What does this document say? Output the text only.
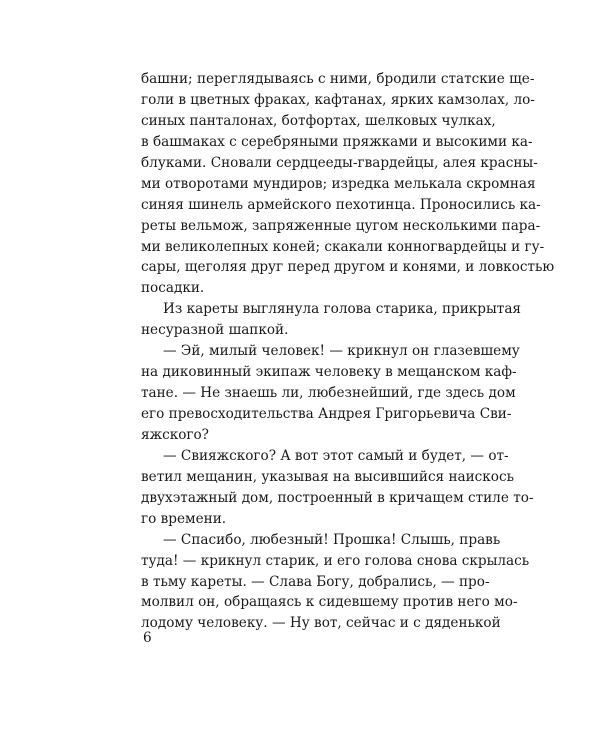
башни; переглядываясь с ними, бродили статские ще-
голи в цветных фраках, кафтанах, ярких камзолах, ло-
синых панталонах, ботфортах, шелковых чулках,
в башмаках с серебряными пряжками и высокими ка-
блуками. Сновали сердцееды-гвардейцы, алея красны-
ми отворотами мундиров; изредка мелькала скромная
синяя шинель армейского пехотинца. Проносились ка-
реты вельмож, запряженные цугом несколькими пара-
ми великолепных коней; скакали конногвардейцы и гу-
сары, щеголяя друг перед другом и конями, и ловкостью
посадки.
Из кареты выглянула голова старика, прикрытая
несуразной шапкой.
— Эй, милый человек! — крикнул он глазевшему
на диковинный экипаж человеку в мещанском каф-
тане. — Не знаешь ли, любезнейший, где здесь дом
его превосходительства Андрея Григорьевича Сви-
яжского?
— Свияжского? А вот этот самый и будет, — от-
ветил мещанин, указывая на высившийся наискось
двухэтажный дом, построенный в кричащем стиле то-
го времени.
— Спасибо, любезный! Прошка! Слышь, правь
туда! — крикнул старик, и его голова снова скрылась
в тьму кареты. — Слава Богу, добрались, — про-
молвил он, обращаясь к сидевшему против него мо-
лодому человеку. — Ну вот, сейчас и с дяденькой
6
